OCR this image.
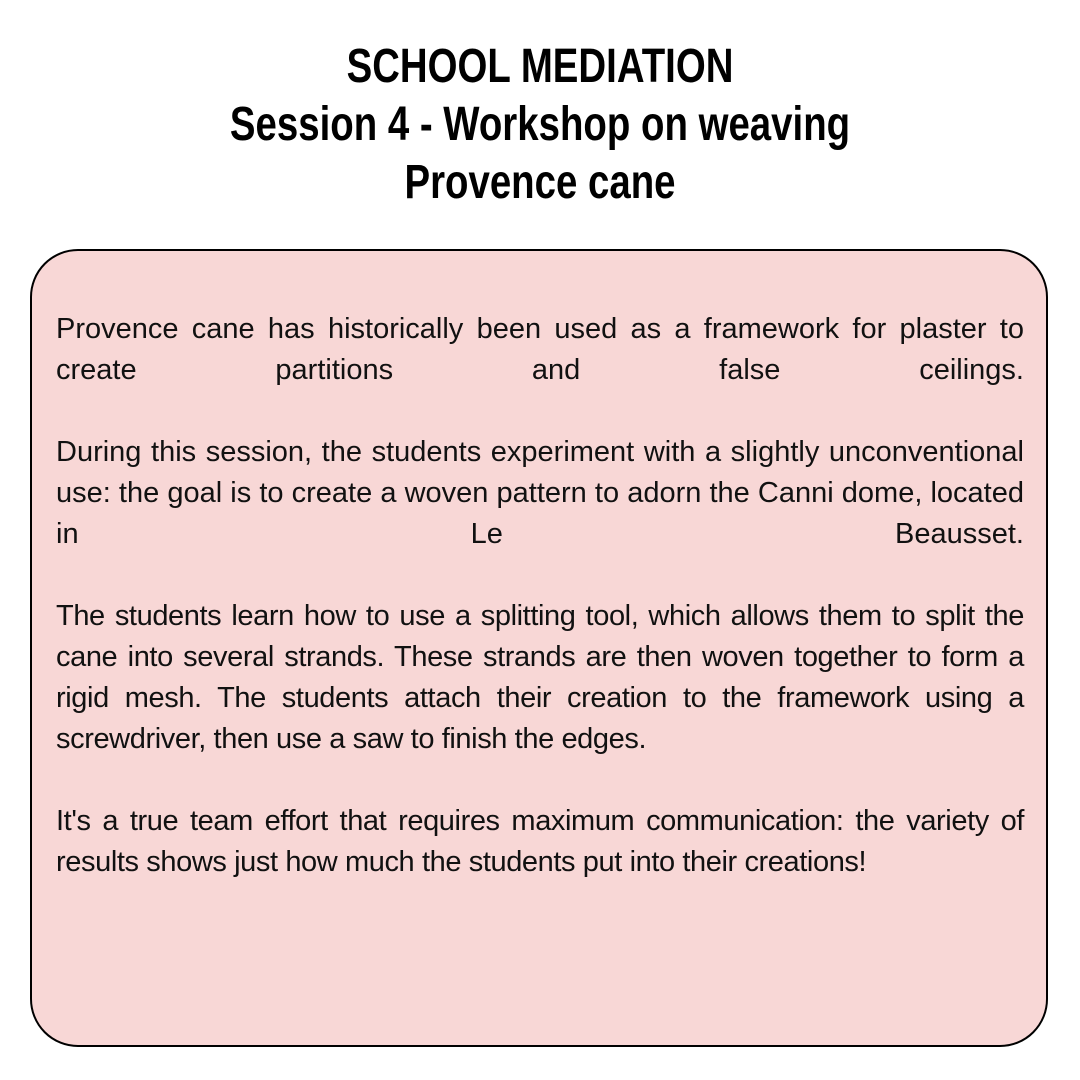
SCHOOL MEDIATION
Session 4 - Workshop on weaving
Provence cane

Provence cane has historically been used as a framework for plaster to create partitions and false ceilings.

During this session, the students experiment with a slightly unconventional use: the goal is to create a woven pattern to adorn the Canni dome, located in Le Beausset.

The students learn how to use a splitting tool, which allows them to split the cane into several strands. These strands are then woven together to form a rigid mesh. The students attach their creation to the framework using a screwdriver, then use a saw to finish the edges.

It's a true team effort that requires maximum communication: the variety of results shows just how much the students put into their creations!
